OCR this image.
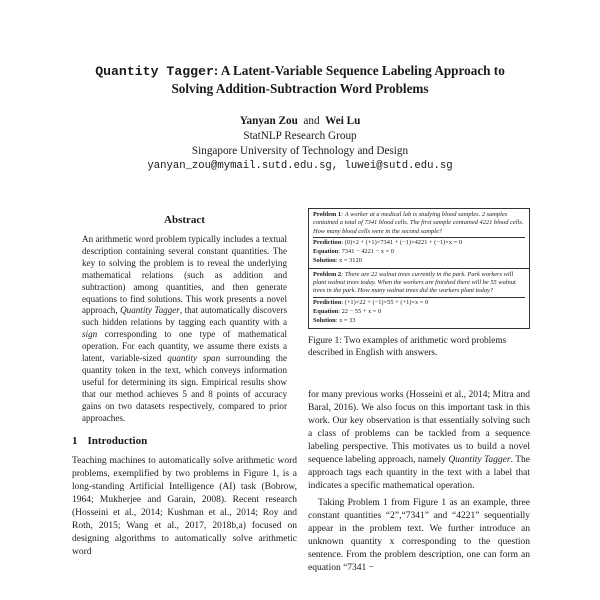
Quantity Tagger: A Latent-Variable Sequence Labeling Approach to
Solving Addition-Subtraction Word Problems
Yanyan Zou and Wei Lu
StatNLP Research Group
Singapore University of Technology and Design
yanyan_zou@mymail.sutd.edu.sg, luwei@sutd.edu.sg
Abstract

An arithmetic word problem typically includes a textual description containing several constant quantities. The key to solving the problem is to reveal the underlying mathematical relations (such as addition and subtraction) among quantities, and then generate equations to find solutions. This work presents a novel approach, Quantity Tagger, that automatically discovers such hidden relations by tagging each quantity with a sign corresponding to one type of mathematical operation. For each quantity, we assume there exists a latent, variable-sized quantity span surrounding the quantity token in the text, which conveys information useful for determining its sign. Empirical results show that our method achieves 5 and 8 points of accuracy gains on two datasets respectively, compared to prior approaches.

1 Introduction

Teaching machines to automatically solve arithmetic word problems, exemplified by two problems in Figure 1, is a long-standing Artificial Intelligence (AI) task (Bobrow, 1964; Mukherjee and Garain, 2008). Recent research (Hosseini et al., 2014; Kushman et al., 2014; Roy and Roth, 2015; Wang et al., 2017, 2018b,a) focused on designing algorithms to automatically solve arithmetic word

Problem 1: A worker at a medical lab is studying blood samples. 2 samples contained a total of 7341 blood cells. The first sample contained 4221 blood cells. How many blood cells were in the second sample?
Prediction: (0)×2 + (+1)×7341 + (−1)×4221 + (−1)×x = 0
Equation: 7341 − 4221 − x = 0
Solution: x = 3120
Problem 2: There are 22 walnut trees currently in the park. Park workers will plant walnut trees today. When the workers are finished there will be 55 walnut trees in the park. How many walnut trees did the workers plant today?
Prediction: (+1)×22 + (−1)×55 + (+1)×x = 0
Equation: 22 − 55 + x = 0
Solution: x = 33
Figure 1: Two examples of arithmetic word problems described in English with answers.

for many previous works (Hosseini et al., 2014; Mitra and Baral, 2016). We also focus on this important task in this work. Our key observation is that essentially solving such a class of problems can be tackled from a sequence labeling perspective. This motivates us to build a novel sequence labeling approach, namely Quantity Tagger. The approach tags each quantity in the text with a label that indicates a specific mathematical operation.

Taking Problem 1 from Figure 1 as an example, three constant quantities “2”,“7341” and “4221” sequentially appear in the problem text. We further introduce an unknown quantity x corresponding to the question sentence. From the problem description, one can form an equation “7341 −
